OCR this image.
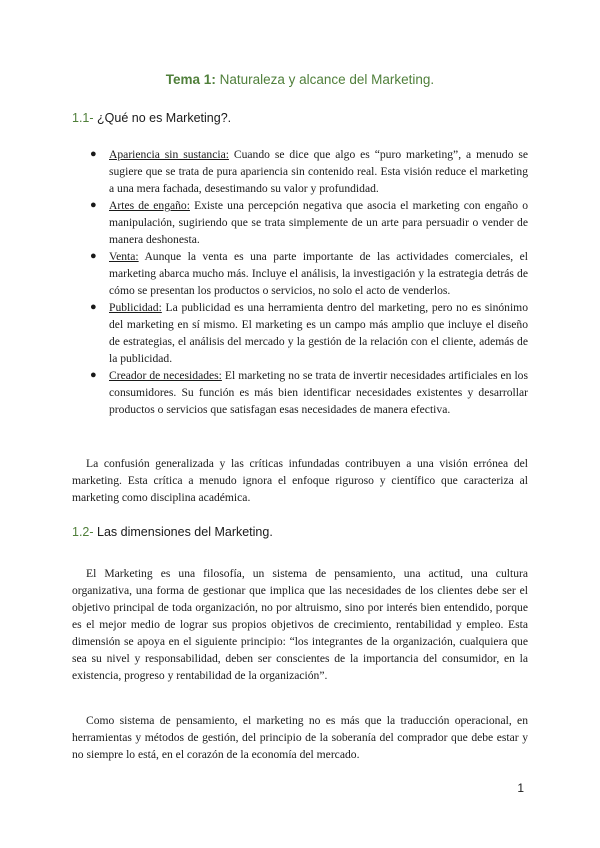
Tema 1: Naturaleza y alcance del Marketing.
1.1- ¿Qué no es Marketing?.
● Apariencia sin sustancia: Cuando se dice que algo es “puro marketing”, a menudo se sugiere que se trata de pura apariencia sin contenido real. Esta visión reduce el marketing a una mera fachada, desestimando su valor y profundidad.
● Artes de engaño: Existe una percepción negativa que asocia el marketing con engaño o manipulación, sugiriendo que se trata simplemente de un arte para persuadir o vender de manera deshonesta.
● Venta: Aunque la venta es una parte importante de las actividades comerciales, el marketing abarca mucho más. Incluye el análisis, la investigación y la estrategia detrás de cómo se presentan los productos o servicios, no solo el acto de venderlos.
● Publicidad: La publicidad es una herramienta dentro del marketing, pero no es sinónimo del marketing en sí mismo. El marketing es un campo más amplio que incluye el diseño de estrategias, el análisis del mercado y la gestión de la relación con el cliente, además de la publicidad.
● Creador de necesidades: El marketing no se trata de invertir necesidades artificiales en los consumidores. Su función es más bien identificar necesidades existentes y desarrollar productos o servicios que satisfagan esas necesidades de manera efectiva.

La confusión generalizada y las críticas infundadas contribuyen a una visión errónea del marketing. Esta crítica a menudo ignora el enfoque riguroso y científico que caracteriza al marketing como disciplina académica.

1.2- Las dimensiones del Marketing.

El Marketing es una filosofía, un sistema de pensamiento, una actitud, una cultura organizativa, una forma de gestionar que implica que las necesidades de los clientes debe ser el objetivo principal de toda organización, no por altruismo, sino por interés bien entendido, porque es el mejor medio de lograr sus propios objetivos de crecimiento, rentabilidad y empleo. Esta dimensión se apoya en el siguiente principio: “los integrantes de la organización, cualquiera que sea su nivel y responsabilidad, deben ser conscientes de la importancia del consumidor, en la existencia, progreso y rentabilidad de la organización”.

Como sistema de pensamiento, el marketing no es más que la traducción operacional, en herramientas y métodos de gestión, del principio de la soberanía del comprador que debe estar y no siempre lo está, en el corazón de la economía del mercado.

1
